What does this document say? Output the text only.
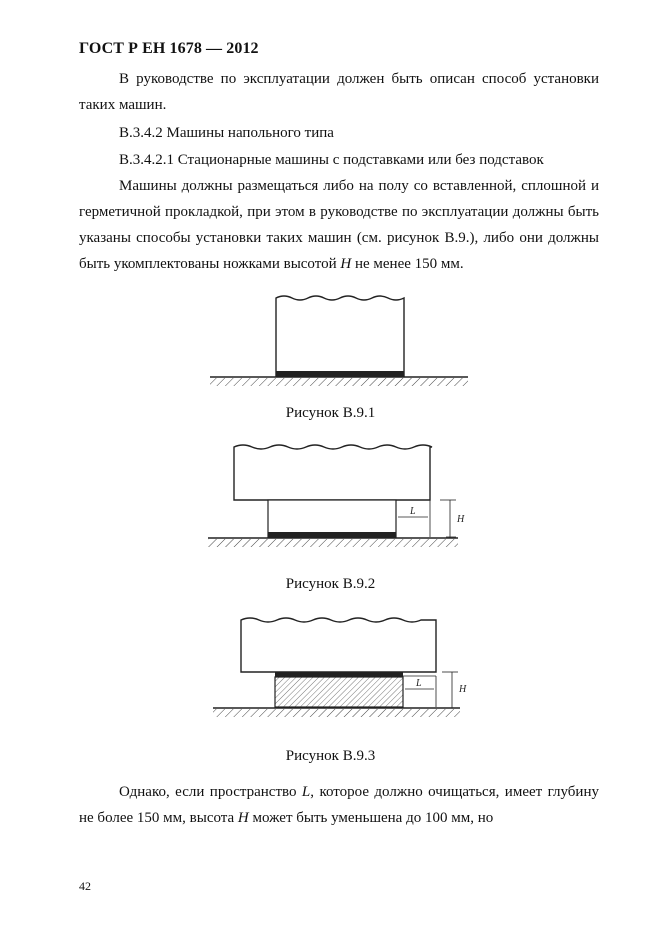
ГОСТ Р ЕН 1678 — 2012

В руководстве по эксплуатации должен быть описан способ установки таких машин.

В.3.4.2 Машины напольного типа

В.3.4.2.1 Стационарные машины с подставками или без подставок

Машины должны размещаться либо на полу со вставленной, сплошной и герметичной прокладкой, при этом в руководстве по эксплуатации должны быть указаны способы установки таких машин (см. рисунок В.9.), либо они должны быть укомплектованы ножками высотой H не менее 150 мм.

L
H
L
H
Рисунок В.9.1
Рисунок В.9.2
Рисунок В.9.3

Однако, если пространство L, которое должно очищаться, имеет глубину не более 150 мм, высота H может быть уменьшена до 100 мм, но

42
